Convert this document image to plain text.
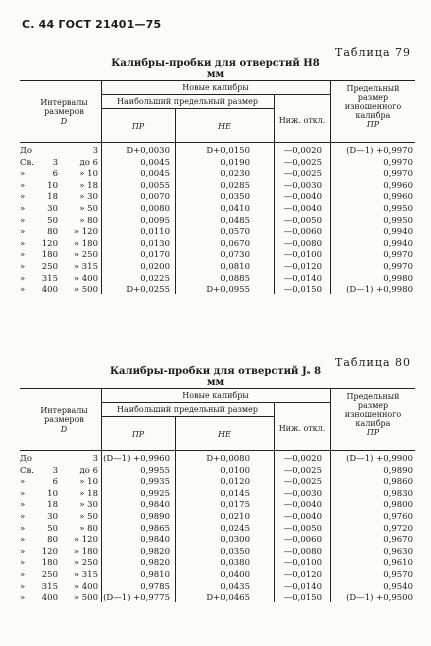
С. 44 ГОСТ 21401—75
Таблица 79
Калибры-пробки для отверстий Н8
мм
Интервалы размеров
D
Новые калибры
Наибольший предельный размер
ПР	НЕ
Ниж. откл.
Предельный размер изношенного калибра
ПР
До	3	D+0,0030	D+0,0150	—0,0020	(D—1) +0,9970
Св. 3	до 6	0,0045	0,0190	—0,0025	0,9970
»	6	» 10	0,0045	0,0230	—0,0025	0,9970
»	10	» 18	0,0055	0,0285	—0,0030	0,9960
»	18	» 30	0,0070	0,0350	—0,0040	0,9960
»	30	» 50	0,0080	0,0410	—0,0040	0,9950
»	50	» 80	0,0095	0,0485	—0,0050	0,9950
»	80 » 120	0,0110	0,0570	—0,0060	0,9940
» 120 » 180	0,0130	0,0670	—0,0080	0,9940
» 180 » 250	0,0170	0,0730	—0,0100	0,9970
» 250 » 315	0,0200	0,0810	—0,0120	0,9970
» 315 » 400	0,0225	0,0885	—0,0140	0,9980
» 400 » 500	D+0,0255	D+0,0955	—0,0150	(D—1) +0,9980
Таблица 80
Калибры-пробки для отверстий Jₛ 8
мм
Интервалы размеров
D
Новые калибры
Наибольший предельный размер
ПР	НЕ
Ниж. откл.
Предельный размер изношенного калибра
ПР
До	3 (D—1) +0,9960	D+0,0080	—0,0020	(D—1) +0,9900
Св. 3	до 6	0,9955	0,0100	—0,0025	0,9890
»	6	» 10	0,9935	0,0120	—0,0025	0,9860
»	10	» 18	0,9925	0,0145	—0,0030	0,9830
»	18	» 30	0,9840	0,0175	—0,0040	0,9800
»	30	» 50	0,9890	0,0210	—0,0040	0,9760
»	50	» 80	0,9865	0,0245	—0,0050	0,9720
»	80 » 120	0,9840	0,0300	—0,0060	0,9670
» 120 » 180	0,9820	0,0350	—0,0080	0,9630
» 180 » 250	0,9820	0,0380	—0,0100	0,9610
» 250 » 315	0,9810	0,0400	—0,0120	0,9570
» 315 » 400	0,9785	0,0435	—0,0140	0,9540
» 400 » 500 (D—1) +0,9775	D+0,0465	—0,0150	(D—1) +0,9500
